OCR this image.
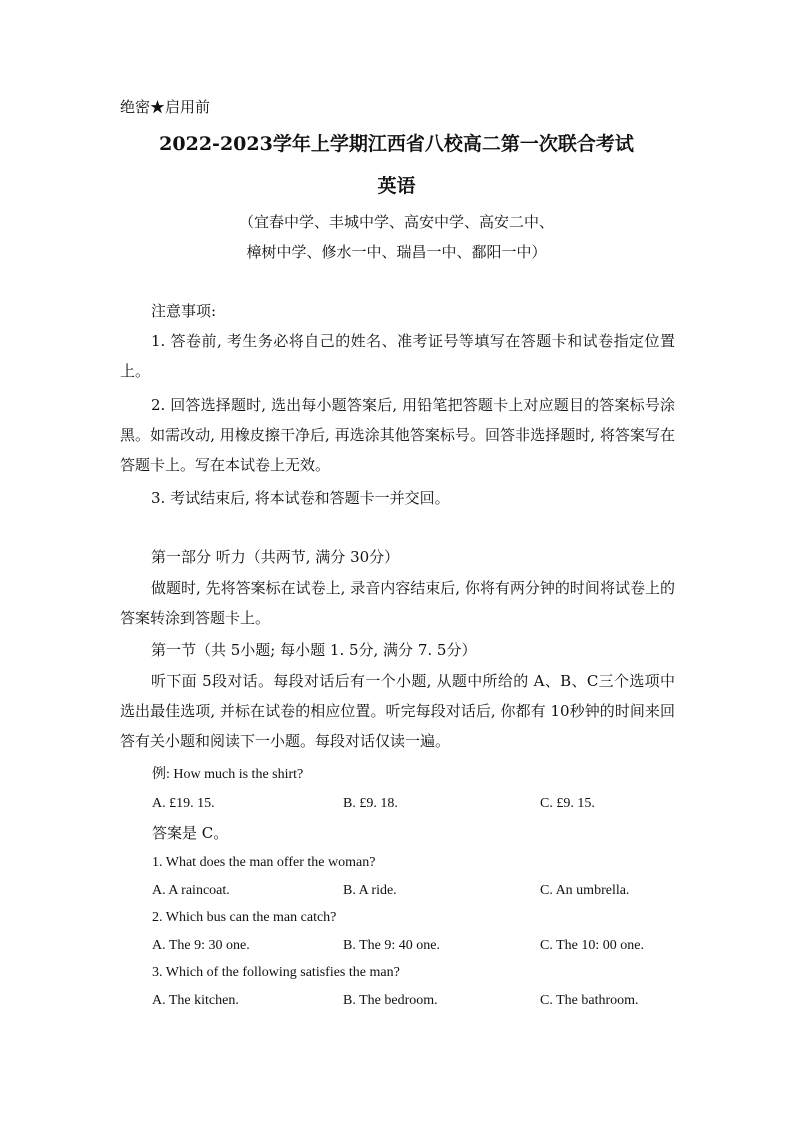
绝密★启用前
2022-2023学年上学期江西省八校高二第一次联合考试
英语
（宜春中学、丰城中学、高安中学、高安二中、
樟树中学、修水一中、瑞昌一中、鄱阳一中）
注意事项:
1. 答卷前, 考生务必将自己的姓名、准考证号等填写在答题卡和试卷指定位置上。
2. 回答选择题时, 选出每小题答案后, 用铅笔把答题卡上对应题目的答案标号涂黑。如需改动, 用橡皮擦干净后, 再选涂其他答案标号。回答非选择题时, 将答案写在答题卡上。写在本试卷上无效。
3. 考试结束后, 将本试卷和答题卡一并交回。
第一部分 听力（共两节, 满分 30分）
做题时, 先将答案标在试卷上, 录音内容结束后, 你将有两分钟的时间将试卷上的答案转涂到答题卡上。
第一节（共 5小题; 每小题 1. 5分, 满分 7. 5分）
听下面 5段对话。每段对话后有一个小题, 从题中所给的 A、B、C三个选项中选出最佳选项, 并标在试卷的相应位置。听完每段对话后, 你都有 10秒钟的时间来回答有关小题和阅读下一小题。每段对话仅读一遍。
例: How much is the shirt?
A. £19. 15.	B. £9. 18.	C. £9. 15.
答案是 C。
1. What does the man offer the woman?
A. A raincoat.	B. A ride.	C. An umbrella.
2. Which bus can the man catch?
A. The 9: 30 one.	B. The 9: 40 one.	C. The 10: 00 one.
3. Which of the following satisfies the man?
A. The kitchen.	B. The bedroom.	C. The bathroom.
